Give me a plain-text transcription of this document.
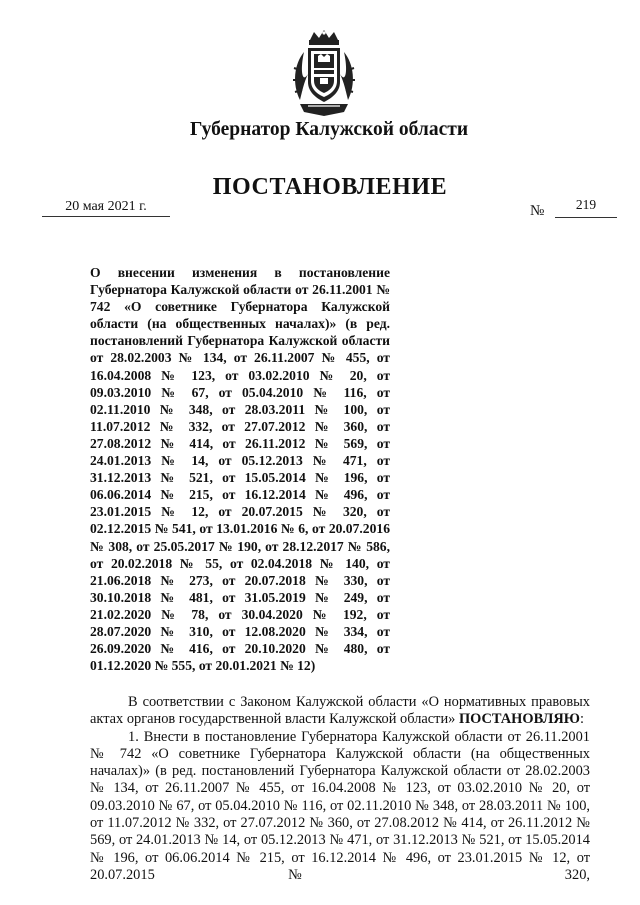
Губернатор Калужской области
ПОСТАНОВЛЕНИЕ
20 мая 2021 г.	№	219
О внесении изменения в постановление Губернатора Калужской области от 26.11.2001 № 742 «О советнике Губернатора Калужской области (на общественных началах)» (в ред. постановлений Губернатора Калужской области от 28.02.2003 № 134, от 26.11.2007 № 455, от 16.04.2008 № 123, от 03.02.2010 № 20, от 09.03.2010 № 67, от 05.04.2010 № 116, от 02.11.2010 № 348, от 28.03.2011 № 100, от 11.07.2012 № 332, от 27.07.2012 № 360, от 27.08.2012 № 414, от 26.11.2012 № 569, от 24.01.2013 № 14, от 05.12.2013 № 471, от 31.12.2013 № 521, от 15.05.2014 № 196, от 06.06.2014 № 215, от 16.12.2014 № 496, от 23.01.2015 № 12, от 20.07.2015 № 320, от 02.12.2015 № 541, от 13.01.2016 № 6, от 20.07.2016 № 308, от 25.05.2017 № 190, от 28.12.2017 № 586, от 20.02.2018 № 55, от 02.04.2018 № 140, от 21.06.2018 № 273, от 20.07.2018 № 330, от 30.10.2018 № 481, от 31.05.2019 № 249, от 21.02.2020 № 78, от 30.04.2020 № 192, от 28.07.2020 № 310, от 12.08.2020 № 334, от 26.09.2020 № 416, от 20.10.2020 № 480, от 01.12.2020 № 555, от 20.01.2021 № 12)

В соответствии с Законом Калужской области «О нормативных правовых актах органов государственной власти Калужской области» ПОСТАНОВЛЯЮ:

1. Внести в постановление Губернатора Калужской области от 26.11.2001 № 742 «О советнике Губернатора Калужской области (на общественных началах)» (в ред. постановлений Губернатора Калужской области от 28.02.2003 № 134, от 26.11.2007 № 455, от 16.04.2008 № 123, от 03.02.2010 № 20, от 09.03.2010 № 67, от 05.04.2010 № 116, от 02.11.2010 № 348, от 28.03.2011 № 100, от 11.07.2012 № 332, от 27.07.2012 № 360, от 27.08.2012 № 414, от 26.11.2012 № 569, от 24.01.2013 № 14, от 05.12.2013 № 471, от 31.12.2013 № 521, от 15.05.2014 № 196, от 06.06.2014 № 215, от 16.12.2014 № 496, от 23.01.2015 № 12, от 20.07.2015 № 320,
